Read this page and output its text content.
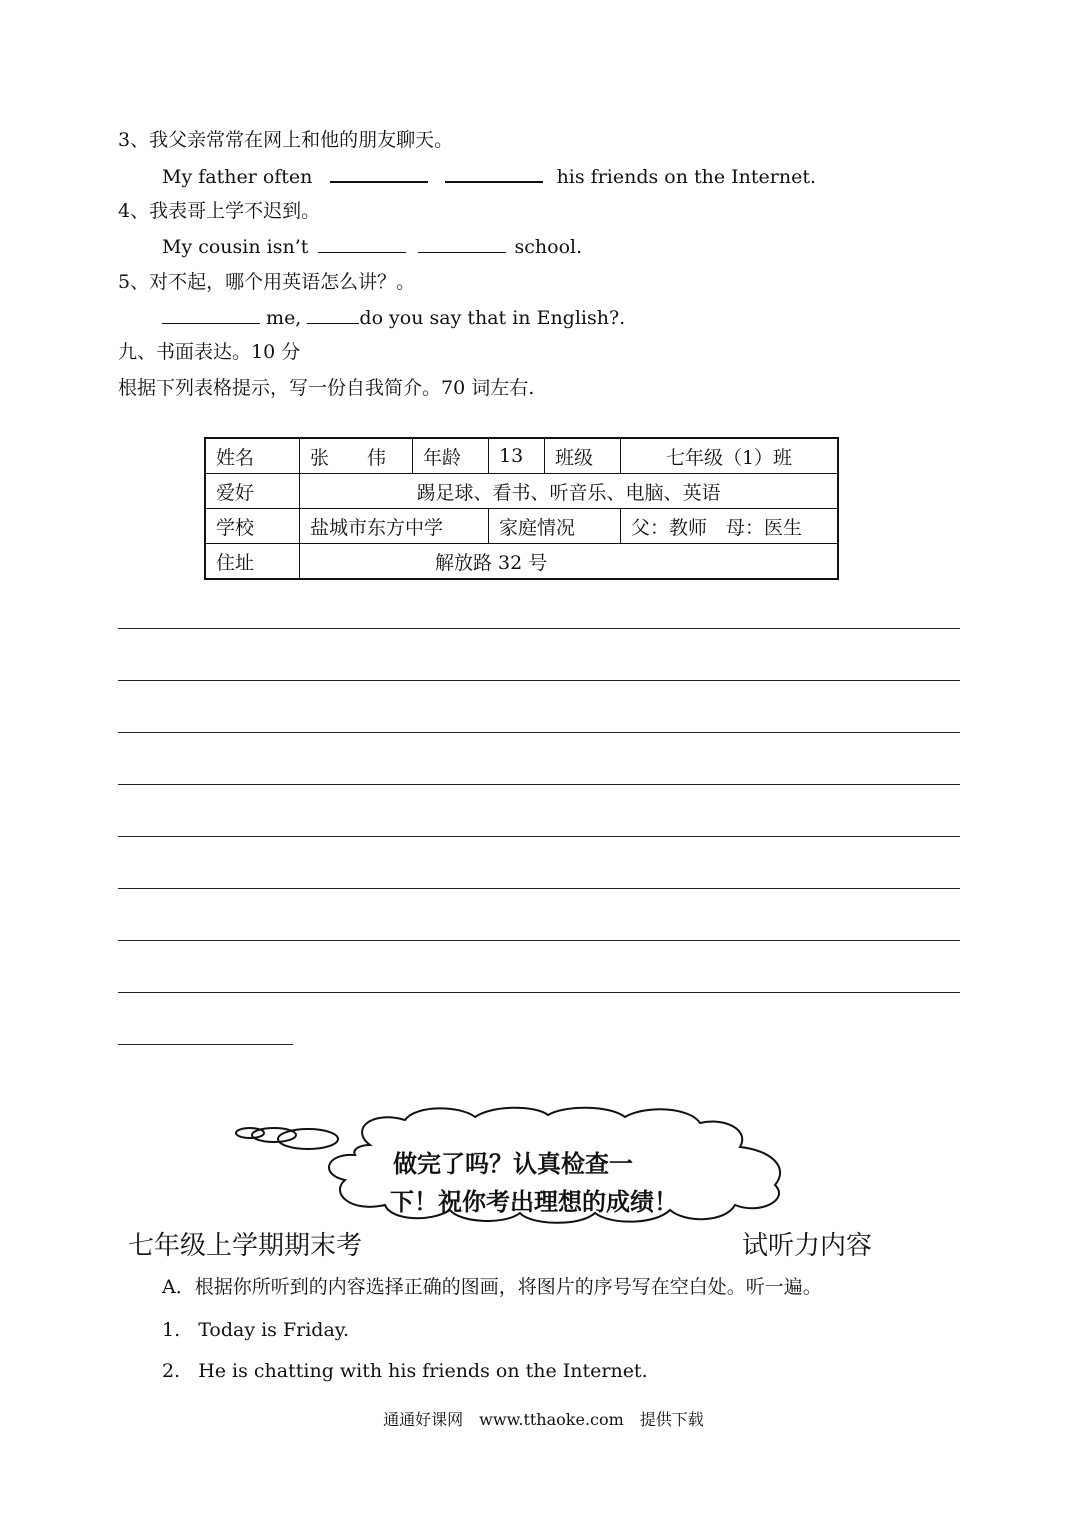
3、我父亲常常在网上和他的朋友聊天。
My father often	his friends on the Internet.
4、我表哥上学不迟到。
My cousin isn’t	school.
5、对不起，哪个用英语怎么讲？。
me,	do you say that in English?.
九、书面表达。10 分
根据下列表格提示，写一份自我简介。70 词左右.
姓名	张　　伟	年龄	13	班级	七年级（1）班
爱好	踢足球、看书、听音乐、电脑、英语				
学校	盐城市东方中学		家庭情况		父：教师　母：医生
住址	解放路 32 号				
做完了吗？认真检查一
下！祝你考出理想的成绩！
七年级上学期期末考	试听力内容
A．根据你所听到的内容选择正确的图画，将图片的序号写在空白处。听一遍。
1. Today is Friday.
2. He is chatting with his friends on the Internet.
通通好课网　www.tthaoke.com　提供下载
